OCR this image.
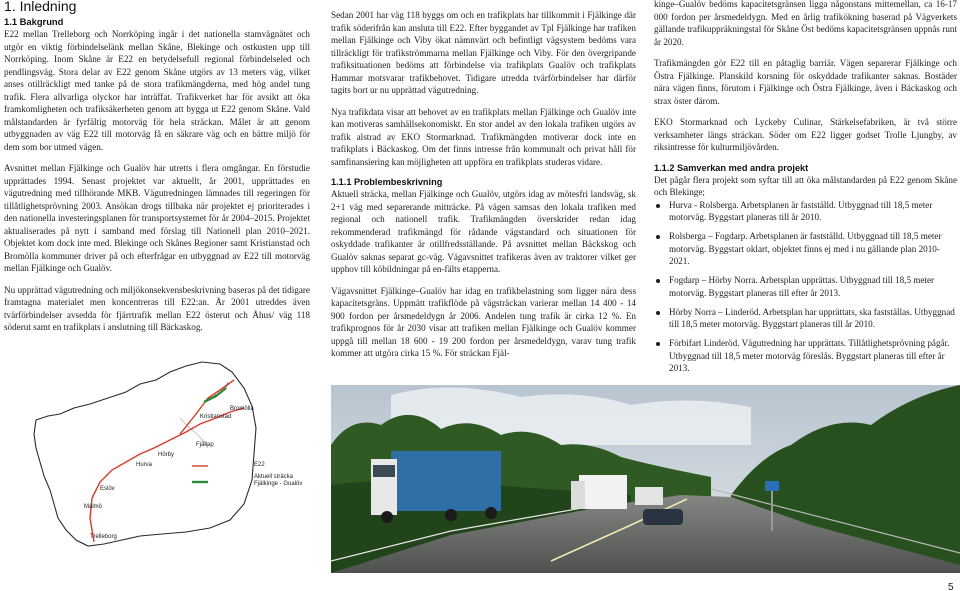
1. Inledning
1.1 Bakgrund

E22 mellan Trelleborg och Norrköping ingår i det nationella stamvägnätet och utgör en viktig förbindelselänk mellan Skåne, Blekinge och ostkusten upp till Norrköping. Inom Skåne är E22 en betydelsefull regional förbindelseled och pendlingsväg. Stora delar av E22 genom Skåne utgörs av 13 meters väg, vilket anses otillräckligt med tanke på de stora trafikmängderna, med hög andel tung trafik. Flera allvarliga olyckor har inträffat. Trafikverket har för avsikt att öka framkomligheten och trafiksäkerheten genom att bygga ut E22 genom Skåne. Vald målstandarden är fyrfältig motorväg för hela sträckan. Målet är att genom utbyggnaden av väg E22 till motorväg få en säkrare väg och en bättre miljö för dem som bor utmed vägen.

Avsnittet mellan Fjälkinge och Gualöv har utretts i flera omgångar. En förstudie upprättades 1994. Senast projektet var aktuellt, år 2001, upprättades en vägutredning med tillhörande MKB. Vägutredningen lämnades till regeringen för tillåtlighetsprövning 2003. Ansökan drogs tillbaka när projektet ej prioriterades i den nationella investeringsplanen för transportsystemet för år 2004–2015. Projektet aktualiserades på nytt i samband med förslag till Nationell plan 2010–2021. Objektet kom dock inte med. Blekinge och Skånes Regioner samt Kristianstad och Bromölla kommuner driver på och efterfrågar en utbyggnad av E22 till motorväg mellan Fjälkinge och Gualöv.

Nu upprättad vägutredning och miljökonsekvensbeskrivning baseras på det tidigare framtagna materialet men koncentreras till E22:an. År 2001 utreddes även tvärförbindelser avsedda för fjärrtrafik mellan E22 österut och Åhus/ väg 118 söderut samt en trafikplats i anslutning till Bäckaskog.

Bromölla
Kristianstad
Fjällap
Hörby
Hurva
Eslöv
Malmö
Trelleborg
E22
Aktuell sträcka Fjälkinge - Gualöv

Sedan 2001 har väg 118 byggs om och en trafikplats har tillkommit i Fjälkinge där trafik söderifrån kan ansluta till E22. Efter byggandet av Tpl Fjälkinge har trafiken mellan Fjälkinge och Viby ökat nämnvärt och befintligt vägsystem bedöms vara tillräckligt för trafikströmmarna mellan Fjälkinge och Viby. För den övergripande trafiksituationen bedöms att förbindelse via trafikplats Gualöv och trafikplats Hammar motsvarar trafikbehovet. Tidigare utredda tvärförbindelser har därför tagits bort ur nu upprättad vägutredning.

Nya trafikdata visar att behovet av en trafikplats mellan Fjälkinge och Gualöv inte kan motiveras samhällsekonomiskt. En stor andel av den lokala trafiken utgörs av trafik alstrad av EKO Stormarknad. Trafikmängden motiverar dock inte en trafikplats i Bäckaskog. Om det finns intresse från kommunalt och privat håll för samfinansiering kan möjligheten att uppföra en trafikplats studeras vidare.

1.1.1 Problembeskrivning

Aktuell sträcka, mellan Fjälkinge och Gualöv, utgörs idag av mötesfri landsväg, sk 2+1 väg med separerande mitträcke. På vägen samsas den lokala trafiken med regional och nationell trafik. Trafikmängden överskrider redan idag rekommenderad trafikmängd för rådande vägstandard och situationen för oskyddade trafikanter är otillfredsställande. På avsnittet mellan Bäckskog och Gualöv saknas separat gc-väg. Vägavsnittet trafikeras även av traktorer vilket ger upphov till köbildningar på en-fälts etapperna.

Vägavsnittet Fjälkinge–Gualöv har idag en trafikbelastning som ligger nära dess kapacitetsgräns. Uppmätt trafikflöde på vägsträckan varierar mellan 14 400 - 14 900 fordon per årsmedeldygn år 2006. Andelen tung trafik är cirka 12 %. En trafikprognos för år 2030 visar att trafiken mellan Fjälkinge och Gualöv kommer uppgå till mellan 18 600 - 19 200 fordon per årsmedeldygn, varav tung trafik kommer att utgöra cirka 15 %. För sträckan Fjäl-

kinge–Gualöv bedöms kapacitetsgränsen ligga någonstans mittemellan, ca 16-17 000 fordon per årsmedeldygn. Med en årlig trafikökning baserad på Vägverkets gällande trafikuppräkningstal för Skåne Öst bedöms kapacitetsgränsen uppnås runt år 2020.

Trafikmängden gör E22 till en påtaglig barriär. Vägen separerar Fjälkinge och Östra Fjälkinge. Planskild korsning för oskyddade trafikanter saknas. Bostäder nära vägen finns, förutom i Fjälkinge och Östra Fjälkinge, även i Bäckaskog och strax öster därom.

EKO Stormarknad och Lyckeby Culinar, Stärkelsefabriken, är två större verksamheter längs sträckan. Söder om E22 ligger godset Trolle Ljungby, av riksintresse för kulturmiljövården.

1.1.2 Samverkan med andra projekt

Det pågår flera projekt som syftar till att öka målstandarden på E22 genom Skåne och Blekinge;

Hurva - Rolsberga. Arbetsplanen är fastställd. Utbyggnad till 18,5 meter motorväg. Byggstart planeras till år 2010.
Rolsberga – Fogdarp. Arbetsplanen är fastställd. Utbyggnad till 18,5 meter motorväg. Byggstart oklart, objektet finns ej med i nu gällande plan 2010-2021.
Fogdarp – Hörby Norra. Arbetsplan upprättas. Utbyggnad till 18,5 meter motorväg. Byggstart planeras till efter år 2013.
Hörby Norra – Linderöd. Arbetsplan har upprättats, ska fastställas. Utbyggnad till 18,5 meter motorväg. Byggstart planeras till år 2010.
Förbifart Linderöd. Vägutredning har upprättats. Tillåtlighetsprövning pågår. Utbyggnad till 18,5 meter motorväg föreslås. Byggstart planeras till efter år 2013.
5
